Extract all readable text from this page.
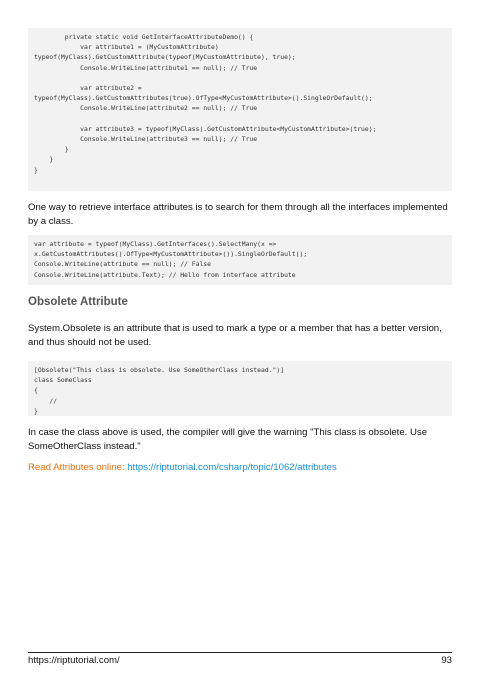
private static void GetInterfaceAttributeDemo() {
var attribute1 = (MyCustomAttribute)
typeof(MyClass).GetCustomAttribute(typeof(MyCustomAttribute), true);
Console.WriteLine(attribute1 == null); // True

var attribute2 =
typeof(MyClass).GetCustomAttributes(true).OfType<MyCustomAttribute>().SingleOrDefault();
Console.WriteLine(attribute2 == null); // True

var attribute3 = typeof(MyClass).GetCustomAttribute<MyCustomAttribute>(true);
Console.WriteLine(attribute3 == null); // True
}
}
}
One way to retrieve interface attributes is to search for them through all the interfaces implemented by a class.
var attribute = typeof(MyClass).GetInterfaces().SelectMany(x =>
x.GetCustomAttributes().OfType<MyCustomAttribute>()).SingleOrDefault();
Console.WriteLine(attribute == null); // False
Console.WriteLine(attribute.Text); // Hello from interface attribute
Obsolete Attribute
System.Obsolete is an attribute that is used to mark a type or a member that has a better version, and thus should not be used.
[Obsolete("This class is obsolete. Use SomeOtherClass instead.")]
class SomeClass
{
//
}
In case the class above is used, the compiler will give the warning "This class is obsolete. Use SomeOtherClass instead."
Read Attributes online: https://riptutorial.com/csharp/topic/1062/attributes
https://riptutorial.com/	93
